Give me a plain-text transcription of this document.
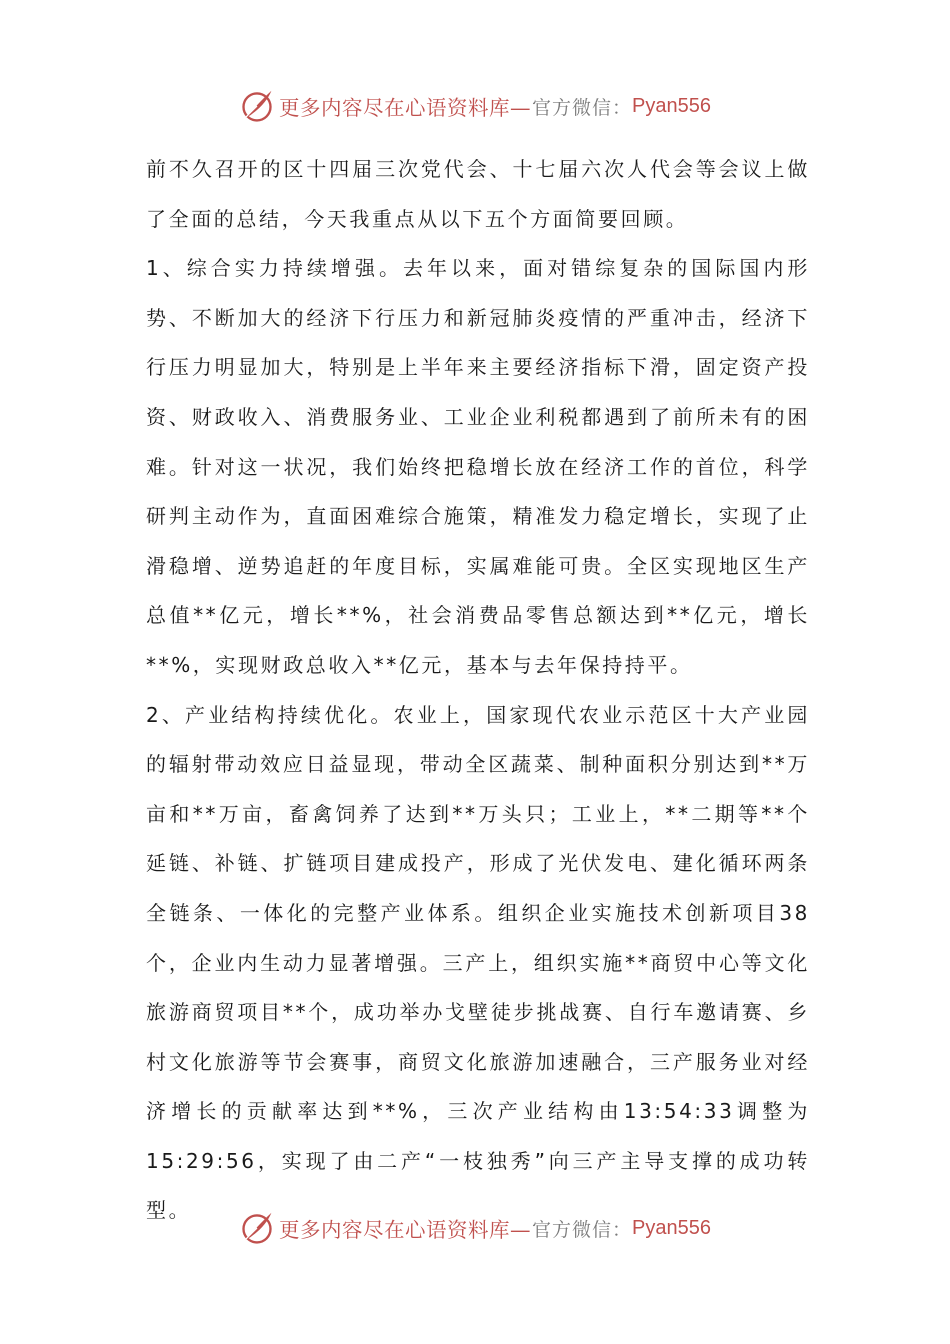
更多内容尽在心语资料库— 官方微信： Pyan556

前不久召开的区十四届三次党代会、十七届六次人代会等会议上做了全面的总结，今天我重点从以下五个方面简要回顾。

1、综合实力持续增强。去年以来，面对错综复杂的国际国内形势、不断加大的经济下行压力和新冠肺炎疫情的严重冲击，经济下行压力明显加大，特别是上半年来主要经济指标下滑，固定资产投资、财政收入、消费服务业、工业企业利税都遇到了前所未有的困难。针对这一状况，我们始终把稳增长放在经济工作的首位，科学研判主动作为，直面困难综合施策，精准发力稳定增长，实现了止滑稳增、逆势追赶的年度目标，实属难能可贵。全区实现地区生产总值**亿元，增长**%，社会消费品零售总额达到**亿元，增长**%，实现财政总收入**亿元，基本与去年保持持平。

2、产业结构持续优化。农业上，国家现代农业示范区十大产业园的辐射带动效应日益显现，带动全区蔬菜、制种面积分别达到**万亩和**万亩，畜禽饲养了达到**万头只；工业上，**二期等**个延链、补链、扩链项目建成投产，形成了光伏发电、建化循环两条全链条、一体化的完整产业体系。组织企业实施技术创新项目38个，企业内生动力显著增强。三产上，组织实施**商贸中心等文化旅游商贸项目**个，成功举办戈壁徒步挑战赛、自行车邀请赛、乡村文化旅游等节会赛事，商贸文化旅游加速融合，三产服务业对经济增长的贡献率达到**%，三次产业结构由13:54:33调整为15:29:56，实现了由二产“一枝独秀”向三产主导支撑的成功转型。

更多内容尽在心语资料库— 官方微信： Pyan556
